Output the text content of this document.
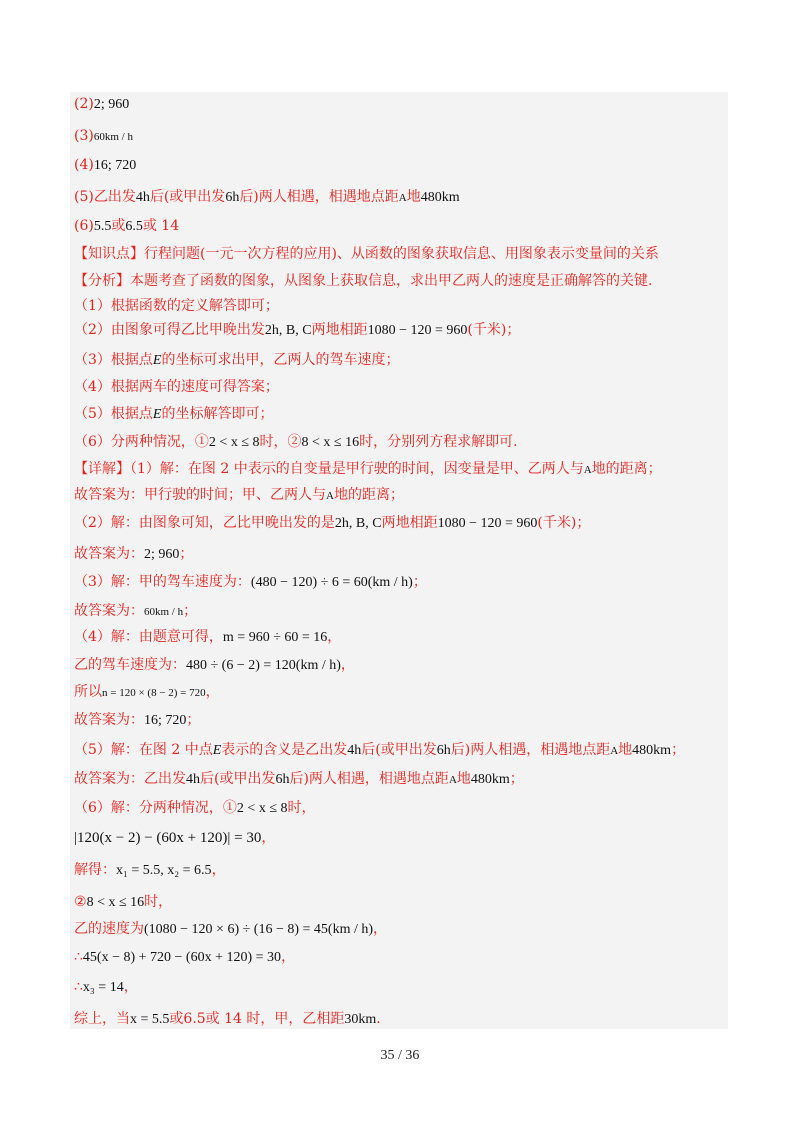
(2)2; 960
(3)60km / h
(4)16; 720
(5)乙出发4h后(或甲出发6h后)两人相遇，相遇地点距A地480km
(6)5.5或6.5或 14
【知识点】行程问题(一元一次方程的应用)、从函数的图象获取信息、用图象表示变量间的关系
【分析】本题考查了函数的图象，从图象上获取信息，求出甲乙两人的速度是正确解答的关键.
（1）根据函数的定义解答即可；
（2）由图象可得乙比甲晚出发2h, B, C两地相距1080 − 120 = 960(千米)；
（3）根据点E的坐标可求出甲，乙两人的驾车速度；
（4）根据两车的速度可得答案；
（5）根据点E的坐标解答即可；
（6）分两种情况，①2 < x ≤ 8时，②8 < x ≤ 16时，分别列方程求解即可.
【详解】（1）解：在图 2 中表示的自变量是甲行驶的时间，因变量是甲、乙两人与A地的距离；
故答案为：甲行驶的时间；甲、乙两人与A地的距离；
（2）解：由图象可知，乙比甲晚出发的是2h, B, C两地相距1080 − 120 = 960(千米)；
故答案为：2; 960；
（3）解：甲的驾车速度为：(480 − 120) ÷ 6 = 60(km / h)；
故答案为：60km / h；
（4）解：由题意可得，m = 960 ÷ 60 = 16，
乙的驾车速度为：480 ÷ (6 − 2) = 120(km / h)，
所以n = 120 × (8 − 2) = 720，
故答案为：16; 720；
（5）解：在图 2 中点E表示的含义是乙出发4h后(或甲出发6h后)两人相遇，相遇地点距A地480km；
故答案为：乙出发4h后(或甲出发6h后)两人相遇，相遇地点距A地480km；
（6）解：分两种情况，①2 < x ≤ 8时，
|120(x − 2) − (60x + 120)| = 30，
解得：x₁ = 5.5, x₂ = 6.5，
②8 < x ≤ 16时，
乙的速度为(1080 − 120 × 6) ÷ (16 − 8) = 45(km / h)，
∴45(x − 8) + 720 − (60x + 120) = 30，
∴x₃ = 14，
综上，当x = 5.5或6.5或 14 时，甲，乙相距30km.
35 / 36
